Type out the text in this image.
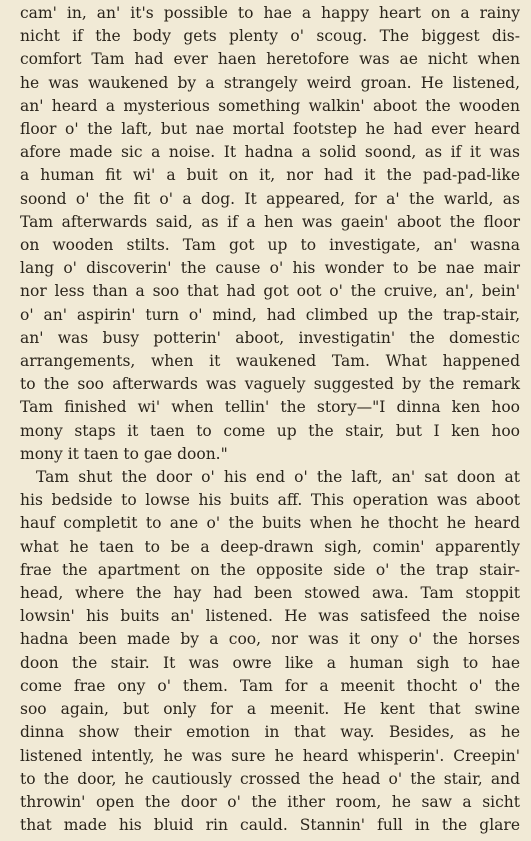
cam' in, an' it's possible to hae a happy heart on a rainy
nicht if the body gets plenty o' scoug. The biggest dis-
comfort Tam had ever haen heretofore was ae nicht when
he was waukened by a strangely weird groan. He listened,
an' heard a mysterious something walkin' aboot the wooden
floor o' the laft, but nae mortal footstep he had ever heard
afore made sic a noise. It hadna a solid soond, as if it was
a human fit wi' a buit on it, nor had it the pad-pad-like
soond o' the fit o' a dog. It appeared, for a' the warld, as
Tam afterwards said, as if a hen was gaein' aboot the floor
on wooden stilts. Tam got up to investigate, an' wasna
lang o' discoverin' the cause o' his wonder to be nae mair
nor less than a soo that had got oot o' the cruive, an', bein'
o' an' aspirin' turn o' mind, had climbed up the trap-stair,
an' was busy potterin' aboot, investigatin' the domestic
arrangements, when it waukened Tam. What happened
to the soo afterwards was vaguely suggested by the remark
Tam finished wi' when tellin' the story—"I dinna ken hoo
mony staps it taen to come up the stair, but I ken hoo
mony it taen to gae doon."
Tam shut the door o' his end o' the laft, an' sat doon at
his bedside to lowse his buits aff. This operation was aboot
hauf completit to ane o' the buits when he thocht he heard
what he taen to be a deep-drawn sigh, comin' apparently
frae the apartment on the opposite side o' the trap stair-
head, where the hay had been stowed awa. Tam stoppit
lowsin' his buits an' listened. He was satisfeed the noise
hadna been made by a coo, nor was it ony o' the horses
doon the stair. It was owre like a human sigh to hae
come frae ony o' them. Tam for a meenit thocht o' the
soo again, but only for a meenit. He kent that swine
dinna show their emotion in that way. Besides, as he
listened intently, he was sure he heard whisperin'. Creepin'
to the door, he cautiously crossed the head o' the stair, and
throwin' open the door o' the ither room, he saw a sicht
that made his bluid rin cauld. Stannin' full in the glare
